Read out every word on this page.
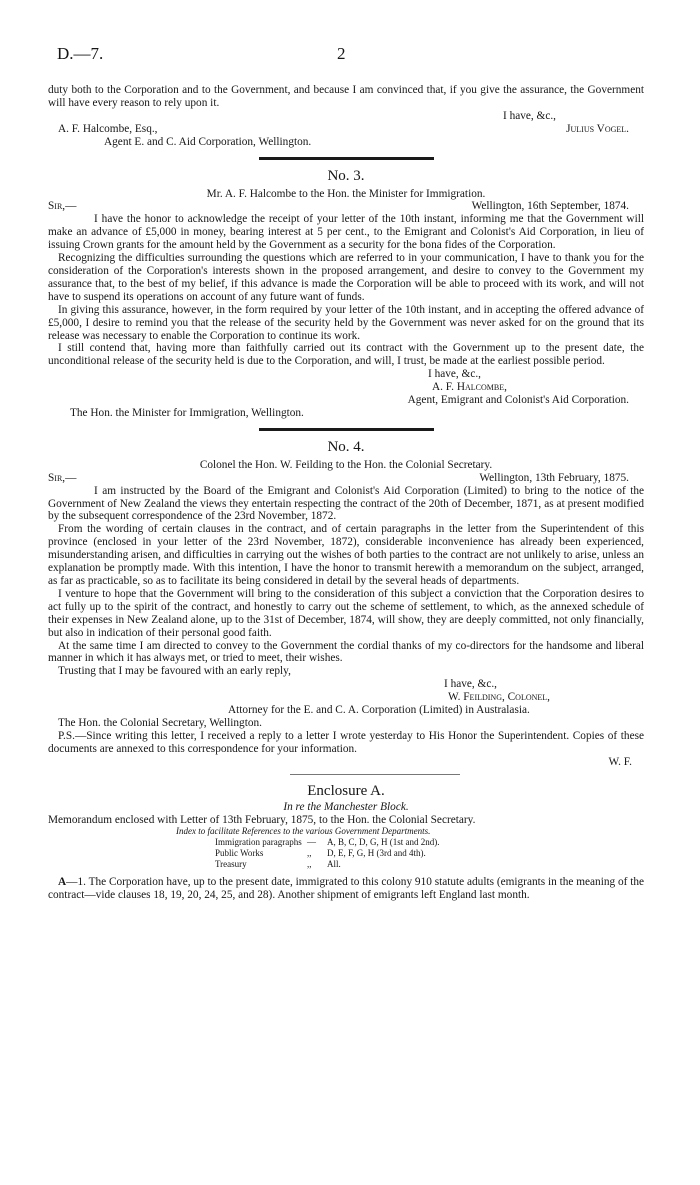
D.—7.	2

duty both to the Corporation and to the Government, and because I am convinced that, if you give the assurance, the Government will have every reason to rely upon it.

I have, &c.,

A. F. Halcombe, Esq.,	Julius Vogel.

Agent E. and C. Aid Corporation, Wellington.

No. 3.

Mr. A. F. Halcombe to the Hon. the Minister for Immigration.

Sir,—	Wellington, 16th September, 1874.

I have the honor to acknowledge the receipt of your letter of the 10th instant, informing me that the Government will make an advance of £5,000 in money, bearing interest at 5 per cent., to the Emigrant and Colonist's Aid Corporation, in lieu of issuing Crown grants for the amount held by the Government as a security for the bona fides of the Corporation.

Recognizing the difficulties surrounding the questions which are referred to in your communication, I have to thank you for the consideration of the Corporation's interests shown in the proposed arrangement, and desire to convey to the Government my assurance that, to the best of my belief, if this advance is made the Corporation will be able to proceed with its work, and will not have to suspend its operations on account of any future want of funds.

In giving this assurance, however, in the form required by your letter of the 10th instant, and in accepting the offered advance of £5,000, I desire to remind you that the release of the security held by the Government was never asked for on the ground that its release was necessary to enable the Corporation to continue its work.

I still contend that, having more than faithfully carried out its contract with the Government up to the present date, the unconditional release of the security held is due to the Corporation, and will, I trust, be made at the earliest possible period.

I have, &c.,

A. F. Halcombe,

Agent, Emigrant and Colonist's Aid Corporation.

The Hon. the Minister for Immigration, Wellington.

No. 4.

Colonel the Hon. W. Feilding to the Hon. the Colonial Secretary.

Sir,—	Wellington, 13th February, 1875.

I am instructed by the Board of the Emigrant and Colonist's Aid Corporation (Limited) to bring to the notice of the Government of New Zealand the views they entertain respecting the contract of the 20th of December, 1871, as at present modified by the subsequent correspondence of the 23rd November, 1872.

From the wording of certain clauses in the contract, and of certain paragraphs in the letter from the Superintendent of this province (enclosed in your letter of the 23rd November, 1872), considerable inconvenience has already been experienced, misunderstanding arisen, and difficulties in carrying out the wishes of both parties to the contract are not unlikely to arise, unless an explanation be promptly made. With this intention, I have the honor to transmit herewith a memorandum on the subject, arranged, as far as practicable, so as to facilitate its being considered in detail by the several heads of departments.

I venture to hope that the Government will bring to the consideration of this subject a conviction that the Corporation desires to act fully up to the spirit of the contract, and honestly to carry out the scheme of settlement, to which, as the annexed schedule of their expenses in New Zealand alone, up to the 31st of December, 1874, will show, they are deeply committed, not only financially, but also in indication of their personal good faith.

At the same time I am directed to convey to the Government the cordial thanks of my co-directors for the handsome and liberal manner in which it has always met, or tried to meet, their wishes.

Trusting that I may be favoured with an early reply,

I have, &c.,

W. Feilding, Colonel,

Attorney for the E. and C. A. Corporation (Limited) in Australasia.

The Hon. the Colonial Secretary, Wellington.

P.S.—Since writing this letter, I received a reply to a letter I wrote yesterday to His Honor the Superintendent. Copies of these documents are annexed to this correspondence for your information.

W. F.

Enclosure A.

In re the Manchester Block.

Memorandum enclosed with Letter of 13th February, 1875, to the Hon. the Colonial Secretary.

Index to facilitate References to the various Government Departments.
Immigration paragraphs —	A, B, C, D, G, H (1st and 2nd).
Public Works	,,	D, E, F, G, H (3rd and 4th).
Treasury	,,	All.

A—1. The Corporation have, up to the present date, immigrated to this colony 910 statute adults (emigrants in the meaning of the contract—vide clauses 18, 19, 20, 24, 25, and 28). Another shipment of emigrants left England last month.
